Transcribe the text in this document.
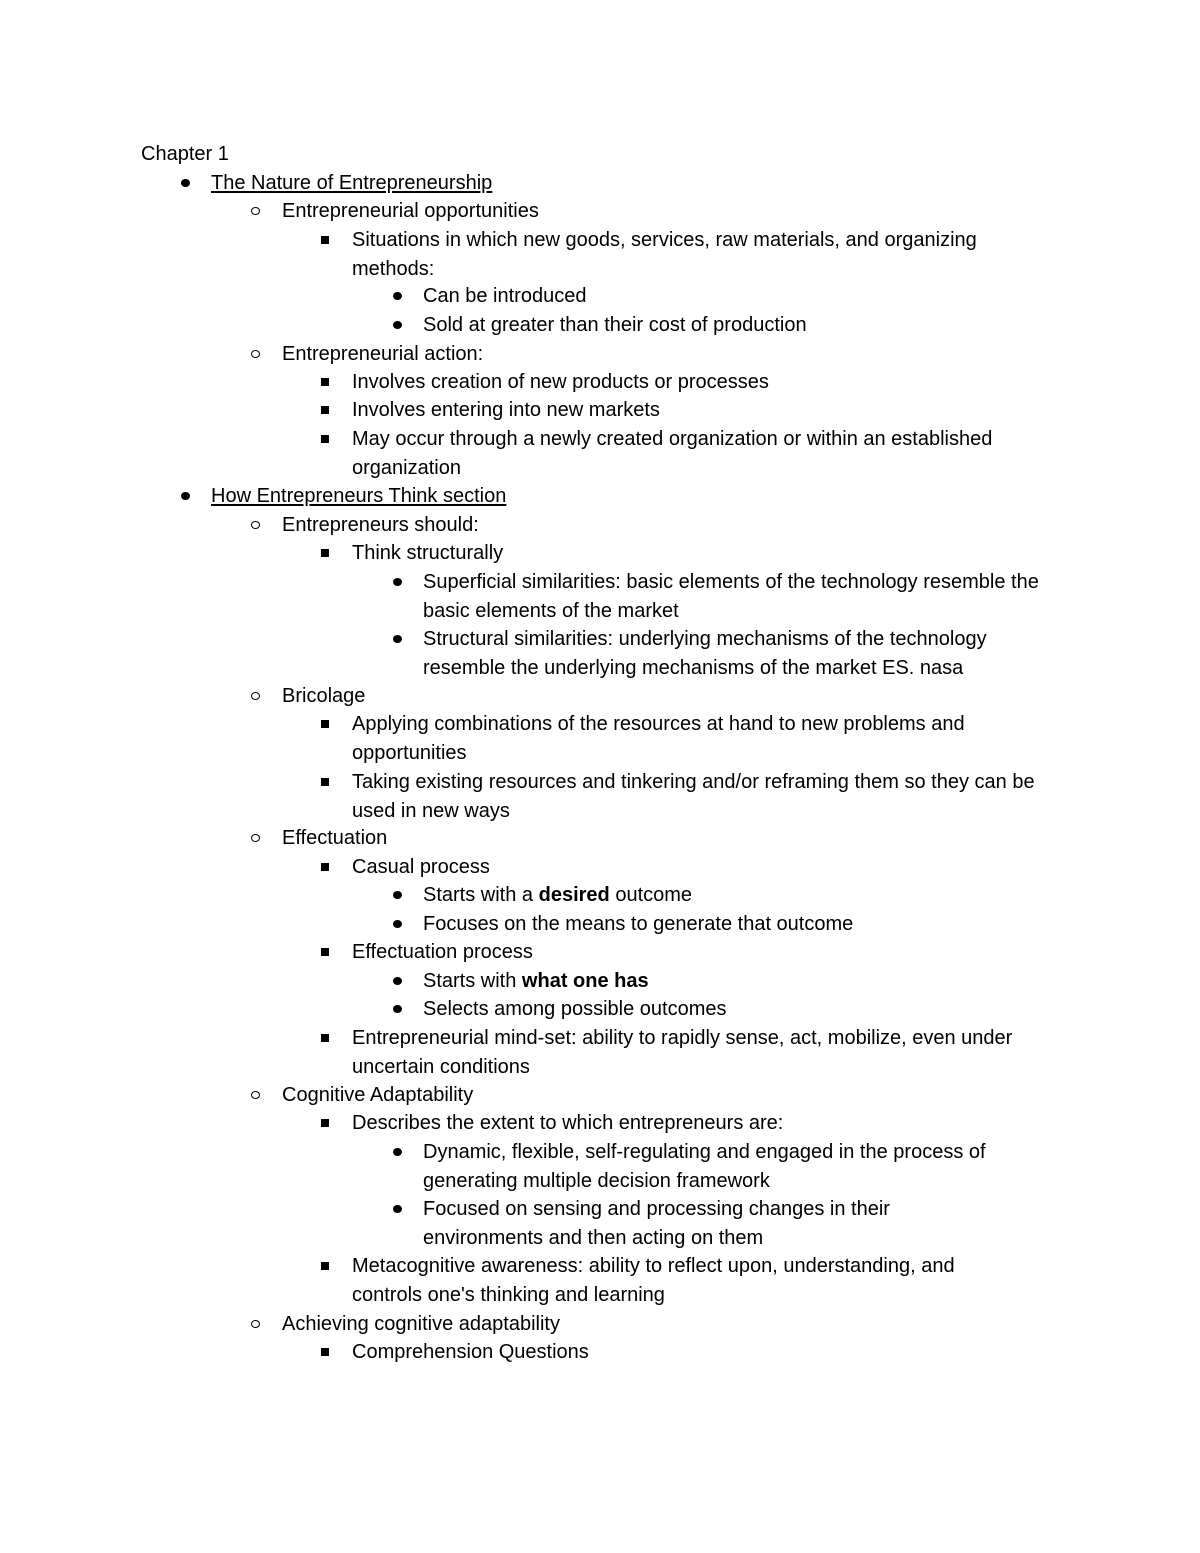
Chapter 1
The Nature of Entrepreneurship
Entrepreneurial opportunities
Situations in which new goods, services, raw materials, and organizing methods:
Can be introduced
Sold at greater than their cost of production
Entrepreneurial action:
Involves creation of new products or processes
Involves entering into new markets
May occur through a newly created organization or within an established organization
How Entrepreneurs Think section
Entrepreneurs should:
Think structurally
Superficial similarities: basic elements of the technology resemble the basic elements of the market
Structural similarities: underlying mechanisms of the technology resemble the underlying mechanisms of the market ES. nasa
Bricolage
Applying combinations of the resources at hand to new problems and opportunities
Taking existing resources and tinkering and/or reframing them so they can be used in new ways
Effectuation
Casual process
Starts with a desired outcome
Focuses on the means to generate that outcome
Effectuation process
Starts with what one has
Selects among possible outcomes
Entrepreneurial mind-set: ability to rapidly sense, act, mobilize, even under uncertain conditions
Cognitive Adaptability
Describes the extent to which entrepreneurs are:
Dynamic, flexible, self-regulating and engaged in the process of generating multiple decision framework
Focused on sensing and processing changes in their environments and then acting on them
Metacognitive awareness: ability to reflect upon, understanding, and controls one's thinking and learning
Achieving cognitive adaptability
Comprehension Questions
